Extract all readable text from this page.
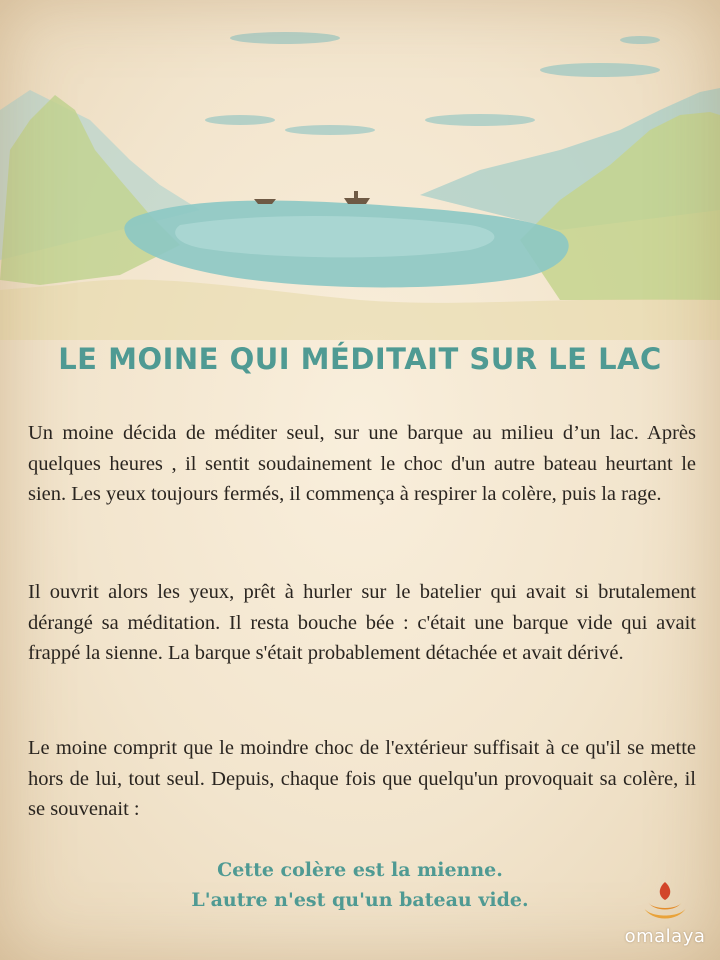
LE MOINE QUI MÉDITAIT SUR LE LAC

Un moine décida de méditer seul, sur une barque au milieu d’un lac. Après quelques heures , il sentit soudainement le choc d'un autre bateau heurtant le sien. Les yeux toujours fermés, il commença à respirer la colère, puis la rage.

Il ouvrit alors les yeux, prêt à hurler sur le batelier qui avait si brutalement dérangé sa méditation. Il resta bouche bée : c'était une barque vide qui avait frappé la sienne. La barque s'était probablement détachée et avait dérivé.

Le moine comprit que le moindre choc de l'extérieur suffisait à ce qu'il se mette hors de lui, tout seul. Depuis, chaque fois que quelqu'un provoquait sa colère, il se souvenait :

Cette colère est la mienne.
L'autre n'est qu'un bateau vide.
omalaya
